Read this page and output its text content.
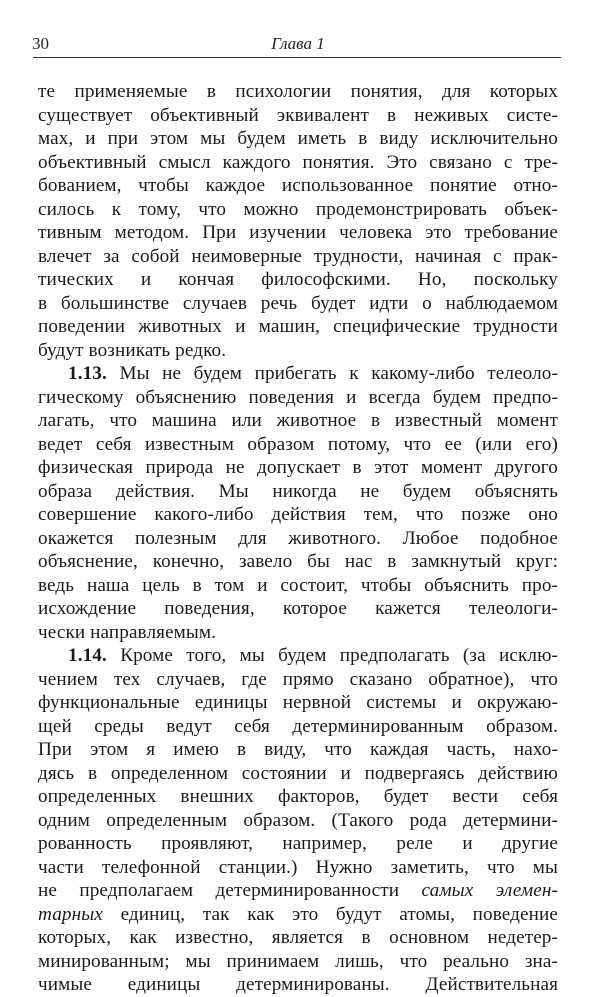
30	Глава 1
те применяемые в психологии понятия, для которых
существует объективный эквивалент в неживых систе-
мах, и при этом мы будем иметь в виду исключительно
объективный смысл каждого понятия. Это связано с тре-
бованием, чтобы каждое использованное понятие отно-
силось к тому, что можно продемонстрировать объек-
тивным методом. При изучении человека это требование
влечет за собой неимоверные трудности, начиная с прак-
тических и кончая философскими. Но, поскольку
в большинстве случаев речь будет идти о наблюдаемом
поведении животных и машин, специфические трудности
будут возникать редко.
1.13. Мы не будем прибегать к какому-либо телеоло-
гическому объяснению поведения и всегда будем предпо-
лагать, что машина или животное в известный момент
ведет себя известным образом потому, что ее (или его)
физическая природа не допускает в этот момент другого
образа действия. Мы никогда не будем объяснять
совершение какого-либо действия тем, что позже оно
окажется полезным для животного. Любое подобное
объяснение, конечно, завело бы нас в замкнутый круг:
ведь наша цель в том и состоит, чтобы объяснить про-
исхождение поведения, которое кажется телеологи-
чески направляемым.
1.14. Кроме того, мы будем предполагать (за исклю-
чением тех случаев, где прямо сказано обратное), что
функциональные единицы нервной системы и окружаю-
щей среды ведут себя детерминированным образом.
При этом я имею в виду, что каждая часть, нахо-
дясь в определенном состоянии и подвергаясь действию
определенных внешних факторов, будет вести себя
одним определенным образом. (Такого рода детермини-
рованность проявляют, например, реле и другие
части телефонной станции.) Нужно заметить, что мы
не предполагаем детерминированности самых элемен-
тарных единиц, так как это будут атомы, поведение
которых, как известно, является в основном недетер-
минированным; мы принимаем лишь, что реально зна-
чимые единицы детерминированы. Действительная
